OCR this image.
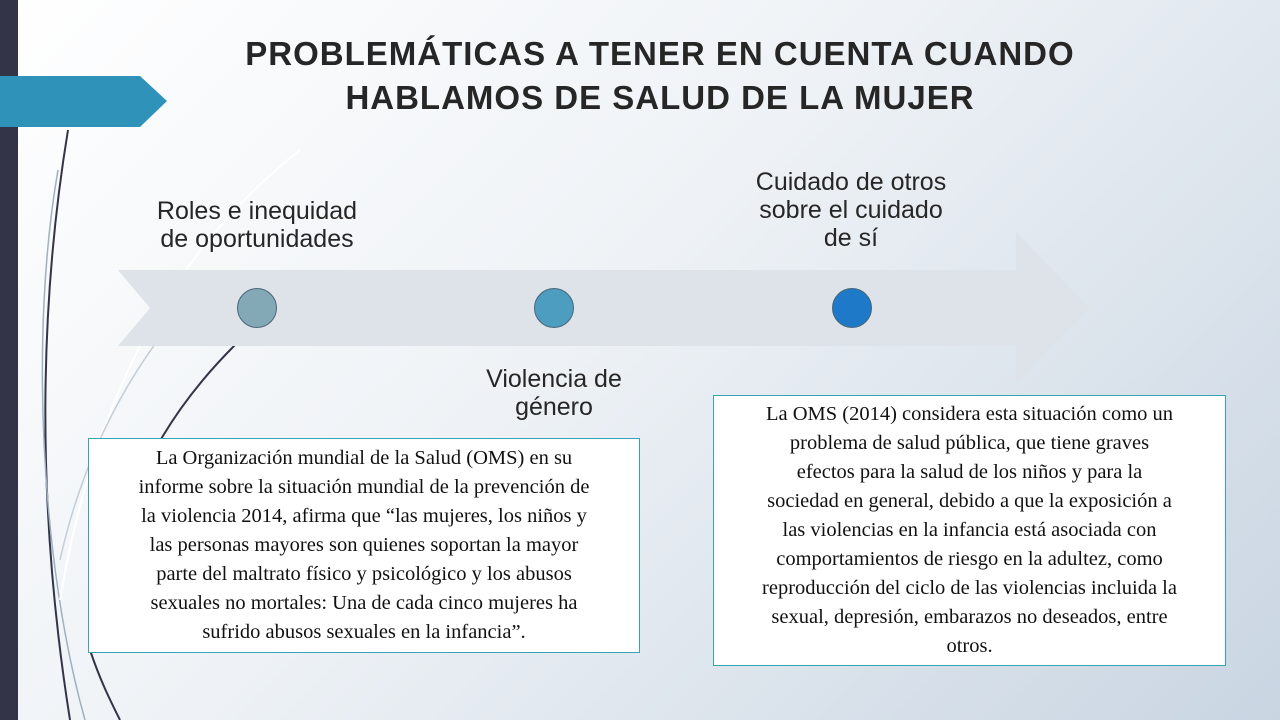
PROBLEMÁTICAS A TENER EN CUENTA CUANDO
HABLAMOS DE SALUD DE LA MUJER
Roles e inequidad
de oportunidades
Violencia de
género
Cuidado de otros
sobre el cuidado
de sí
La Organización mundial de la Salud (OMS) en su
informe sobre la situación mundial de la prevención de
la violencia 2014, afirma que “las mujeres, los niños y
las personas mayores son quienes soportan la mayor
parte del maltrato físico y psicológico y los abusos
sexuales no mortales: Una de cada cinco mujeres ha
sufrido abusos sexuales en la infancia”.
La OMS (2014) considera esta situación como un
problema de salud pública, que tiene graves
efectos para la salud de los niños y para la
sociedad en general, debido a que la exposición a
las violencias en la infancia está asociada con
comportamientos de riesgo en la adultez, como
reproducción del ciclo de las violencias incluida la
sexual, depresión, embarazos no deseados, entre
otros.
